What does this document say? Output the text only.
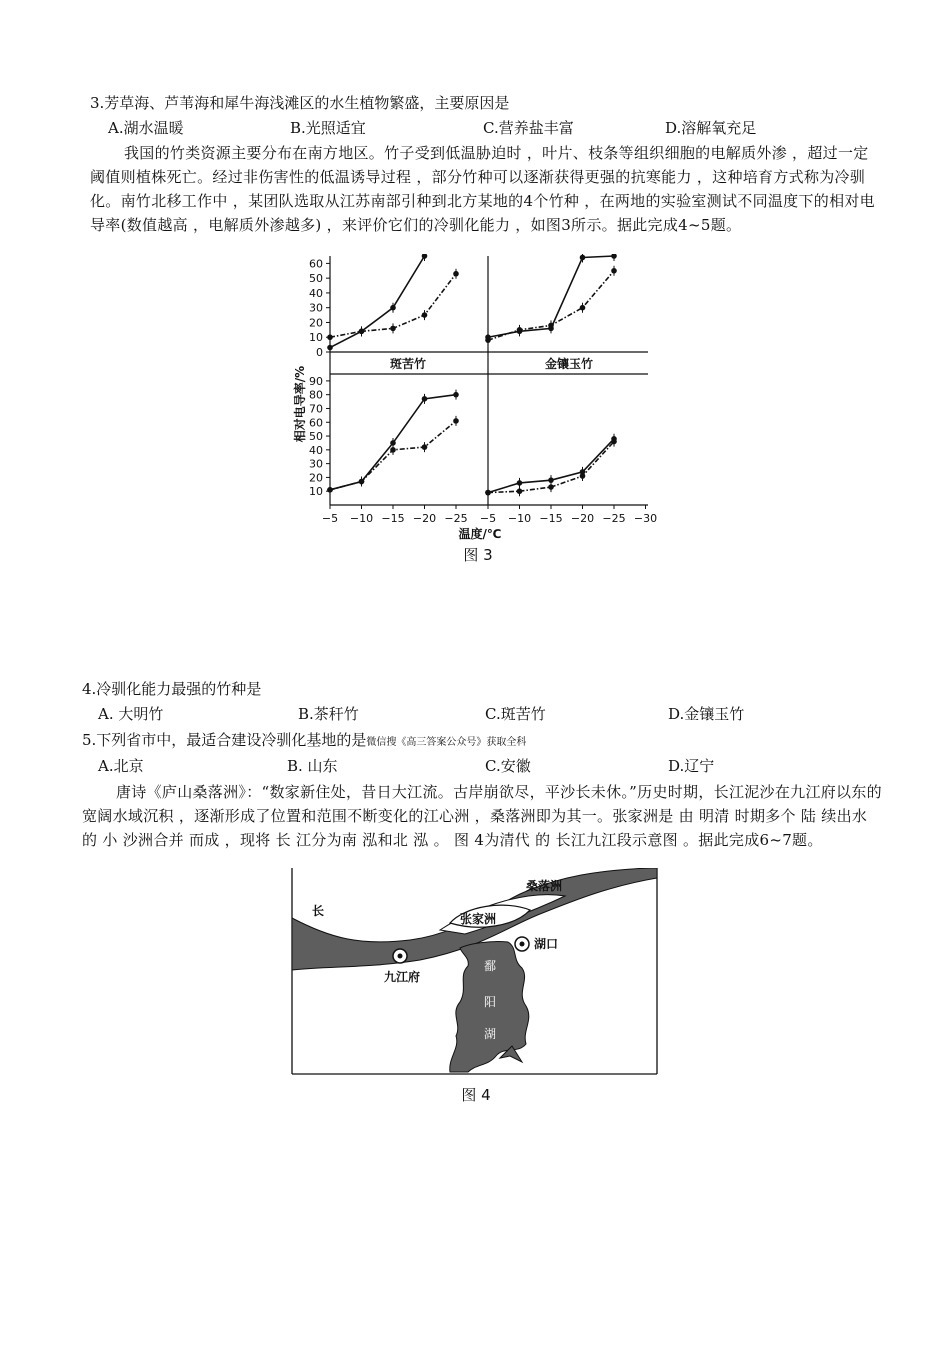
3.芳草海、芦苇海和犀牛海浅滩区的水生植物繁盛，主要原因是
A.湖水温暖	B.光照适宜	C.营养盐丰富	D.溶解氧充足
我国的竹类资源主要分布在南方地区。竹子受到低温胁迫时 ，叶片、枝条等组织细胞的电解质外渗 ，超过一定阈值则植株死亡。经过非伤害性的低温诱导过程 ，部分竹种可以逐渐获得更强的抗寒能力 ，这种培育方式称为冷驯化。南竹北移工作中 ，某团队选取从江苏南部引种到北方某地的4个竹种 ，在两地的实验室测试不同温度下的相对电导率(数值越高 ，电解质外渗越多) ，来评价它们的冷驯化能力 ，如图3所示。据此完成4~5题。
60
50
40
30
20
10
0
90
80
70
60
50
40
30
20
10
−5 −10 −15 −20 −25 −5 −10 −15 −20 −25 −30
斑苦竹	金镶玉竹
相对电导率/%
温度/℃
图 3
4.冷驯化能力最强的竹种是
A. 大明竹	B.茶秆竹	C.斑苦竹	D.金镶玉竹
5.下列省市中，最适合建设冷驯化基地的是微信搜《高三答案公众号》获取全科
A.北京	B. 山东	C.安徽	D.辽宁
唐诗《庐山桑落洲》：“数家新住处，昔日大江流。古岸崩欲尽，平沙长未休。”历史时期，长江泥沙在九江府以东的宽阔水域沉积 ，逐渐形成了位置和范围不断变化的江心洲 ，桑落洲即为其一。张家洲是 由 明清 时期多个 陆 续出水 的 小 沙洲合并 而成 ，现将 长 江分为南 泓和北 泓 。 图 4为清代 的 长江九江段示意图 。据此完成6~7题。
桑落洲
张家洲
九江府
湖口
长
鄱
阳
湖
图 4
